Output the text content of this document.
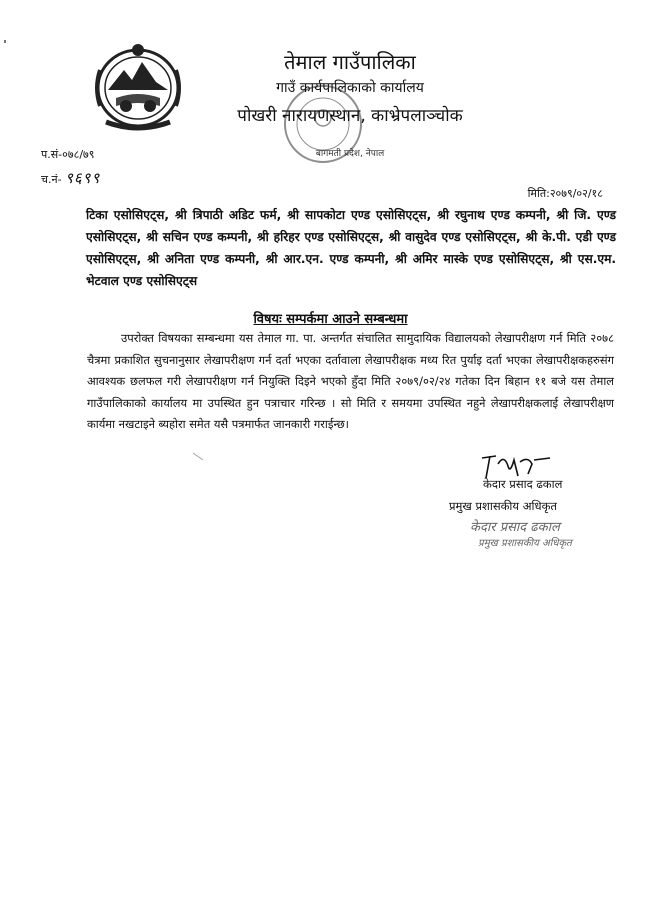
तेमाल गाउँपालिका
गाउँ कार्यपालिकाको कार्यालय
पोखरी नारायणस्थान, काभ्रेपलाञ्चोक
बागमती प्रदेश, नेपाल
प.सं-०७८/७९
च.नं- ९६९९
मिति:२०७९/०२/१८
टिका एसोसिएट्स, श्री त्रिपाठी अडिट फर्म, श्री सापकोटा एण्ड एसोसिएट्स, श्री रघुनाथ एण्ड कम्पनी, श्री जि. एण्ड एसोसिएट्स, श्री सचिन एण्ड कम्पनी, श्री हरिहर एण्ड एसोसिएट्स, श्री वासुदेव एण्ड एसोसिएट्स, श्री के.पी. एडी एण्ड एसोसिएट्स, श्री अनिता एण्ड कम्पनी, श्री आर.एन. एण्ड कम्पनी, श्री अमिर मास्के एण्ड एसोसिएट्स, श्री एस.एम. भेटवाल एण्ड एसोसिएट्स
विषयः सम्पर्कमा आउने सम्बन्धमा
उपरोक्त विषयका सम्बन्धमा यस तेमाल गा. पा. अन्तर्गत संचालित सामुदायिक विद्यालयको लेखापरीक्षण गर्न मिति २०७८ चैत्रमा प्रकाशित सुचनानुसार लेखापरीक्षण गर्न दर्ता भएका दर्तावाला लेखापरीक्षक मध्य रित पुर्याइ दर्ता भएका लेखापरीक्षकहरुसंग आवश्यक छलफल गरी लेखापरीक्षण गर्न नियुक्ति दिइने भएको हुँदा मिति २०७९/०२/२४ गतेका दिन बिहान ११ बजे यस तेमाल गाउँपालिकाको कार्यालय मा उपस्थित हुन पत्राचार गरिन्छ । सो मिति र समयमा उपस्थित नहुने लेखापरीक्षकलाई लेखापरीक्षण कार्यमा नखटाइने ब्यहोरा समेत यसै पत्रमार्फत जानकारी गराईन्छ।
केदार प्रसाद ढकाल
प्रमुख प्रशासकीय अधिकृत
केदार प्रसाद ढकाल
प्रमुख प्रशासकीय अधिकृत
